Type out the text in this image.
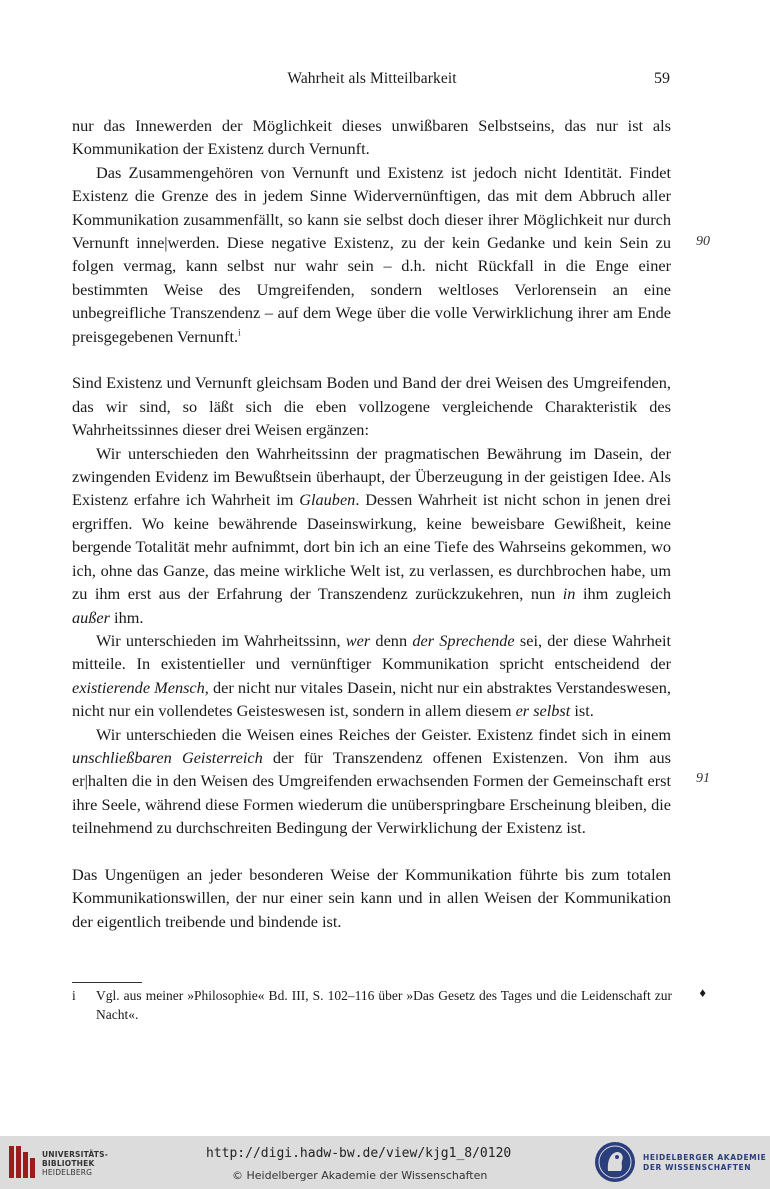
Wahrheit als Mitteilbarkeit	59

nur das Innewerden der Möglichkeit dieses unwißbaren Selbstseins, das nur ist als Kommunikation der Existenz durch Vernunft.

Das Zusammengehören von Vernunft und Existenz ist jedoch nicht Identität. Findet Existenz die Grenze des in jedem Sinne Widervernünftigen, das mit dem Abbruch aller Kommunikation zusammenfällt, so kann sie selbst doch dieser ihrer Möglichkeit nur durch Vernunft inne|werden. Diese negative Existenz, zu der kein Gedanke und kein Sein zu folgen vermag, kann selbst nur wahr sein – d.h. nicht Rückfall in die Enge einer bestimmten Weise des Umgreifenden, sondern weltloses Verlorensein an eine unbegreifliche Transzendenz – auf dem Wege über die volle Verwirklichung ihrer am Ende preisgegebenen Vernunft.$^i$

Sind Existenz und Vernunft gleichsam Boden und Band der drei Weisen des Umgreifenden, das wir sind, so läßt sich die eben vollzogene vergleichende Charakteristik des Wahrheitssinnes dieser drei Weisen ergänzen:

Wir unterschieden den Wahrheitssinn der pragmatischen Bewährung im Dasein, der zwingenden Evidenz im Bewußtsein überhaupt, der Überzeugung in der geistigen Idee. Als Existenz erfahre ich Wahrheit im Glauben. Dessen Wahrheit ist nicht schon in jenen drei ergriffen. Wo keine bewährende Daseinswirkung, keine beweisbare Gewißheit, keine bergende Totalität mehr aufnimmt, dort bin ich an eine Tiefe des Wahrseins gekommen, wo ich, ohne das Ganze, das meine wirkliche Welt ist, zu verlassen, es durchbrochen habe, um zu ihm erst aus der Erfahrung der Transzendenz zurückzukehren, nun in ihm zugleich außer ihm.

Wir unterschieden im Wahrheitssinn, wer denn der Sprechende sei, der diese Wahrheit mitteile. In existentieller und vernünftiger Kommunikation spricht entscheidend der existierende Mensch, der nicht nur vitales Dasein, nicht nur ein abstraktes Verstandeswesen, nicht nur ein vollendetes Geisteswesen ist, sondern in allem diesem er selbst ist.

Wir unterschieden die Weisen eines Reiches der Geister. Existenz findet sich in einem unschließbaren Geisterreich der für Transzendenz offenen Existenzen. Von ihm aus er|halten die in den Weisen des Umgreifenden erwachsenden Formen der Gemeinschaft erst ihre Seele, während diese Formen wiederum die unüberspringbare Erscheinung bleiben, die teilnehmend zu durchschreiten Bedingung der Verwirklichung der Existenz ist.

Das Ungenügen an jeder besonderen Weise der Kommunikation führte bis zum totalen Kommunikationswillen, der nur einer sein kann und in allen Weisen der Kommunikation der eigentlich treibende und bindende ist.

90
91
i	Vgl. aus meiner »Philosophie« Bd. III, S. 102–116 über »Das Gesetz des Tages und die Leidenschaft zur Nacht«.
♦
UNIVERSITÄTS-
BIBLIOTHEK
HEIDELBERG
http://digi.hadw-bw.de/view/kjg1_8/0120
© Heidelberger Akademie der Wissenschaften
HEIDELBERGER AKADEMIE
DER WISSENSCHAFTEN
